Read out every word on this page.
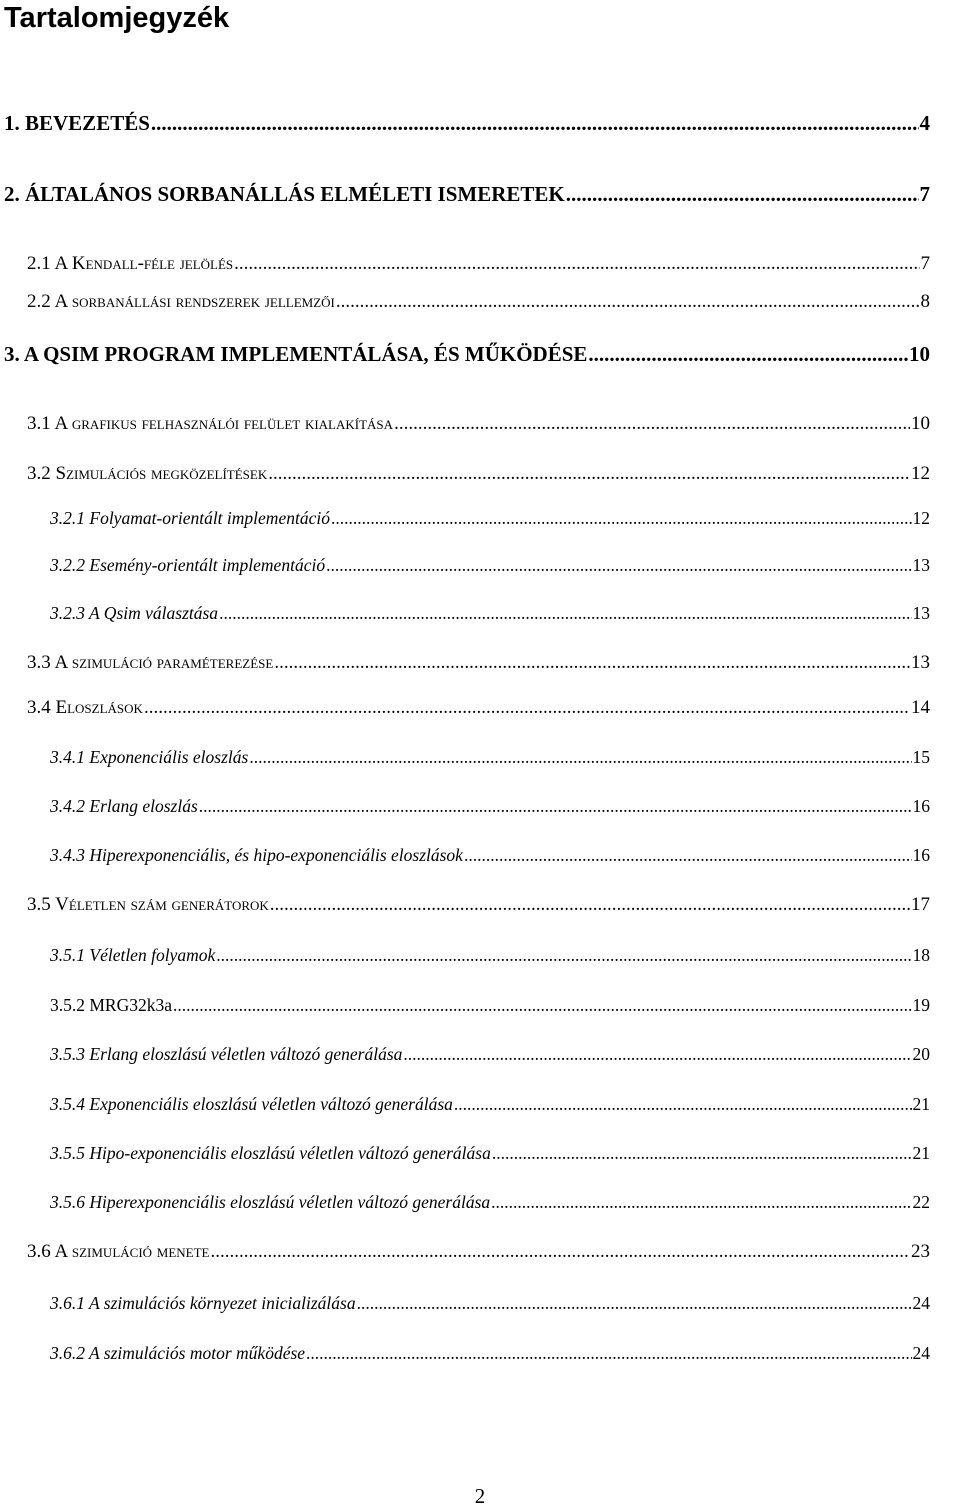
Tartalomjegyzék
1. BEVEZETÉS .....	4
2. ÁLTALÁNOS SORBANÁLLÁS ELMÉLETI ISMERETEK .....	7
2.1 A Kendall-féle jelölés .....	7
2.2 A sorbanállási rendszerek jellemzői .....	8
3. A QSIM PROGRAM IMPLEMENTÁLÁSA, ÉS MŰKÖDÉSE .....	10
3.1 A grafikus felhasználói felület kialakítása .....	10
3.2 Szimulációs megközelítések .....	12
3.2.1 Folyamat-orientált implementáció .....	12
3.2.2 Esemény-orientált implementáció .....	13
3.2.3 A Qsim választása .....	13
3.3 A szimuláció paraméterezése .....	13
3.4 Eloszlások .....	14
3.4.1 Exponenciális eloszlás .....	15
3.4.2 Erlang eloszlás .....	16
3.4.3 Hiperexponenciális, és hipo-exponenciális eloszlások .....	16
3.5 Véletlen szám generátorok .....	17
3.5.1 Véletlen folyamok .....	18
3.5.2 MRG32k3a .....	19
3.5.3 Erlang eloszlású véletlen változó generálása .....	20
3.5.4 Exponenciális eloszlású véletlen változó generálása .....	21
3.5.5 Hipo-exponenciális eloszlású véletlen változó generálása .....	21
3.5.6 Hiperexponenciális eloszlású véletlen változó generálása .....	22
3.6 A szimuláció menete .....	23
3.6.1 A szimulációs környezet inicializálása .....	24
3.6.2 A szimulációs motor működése .....	24
2
